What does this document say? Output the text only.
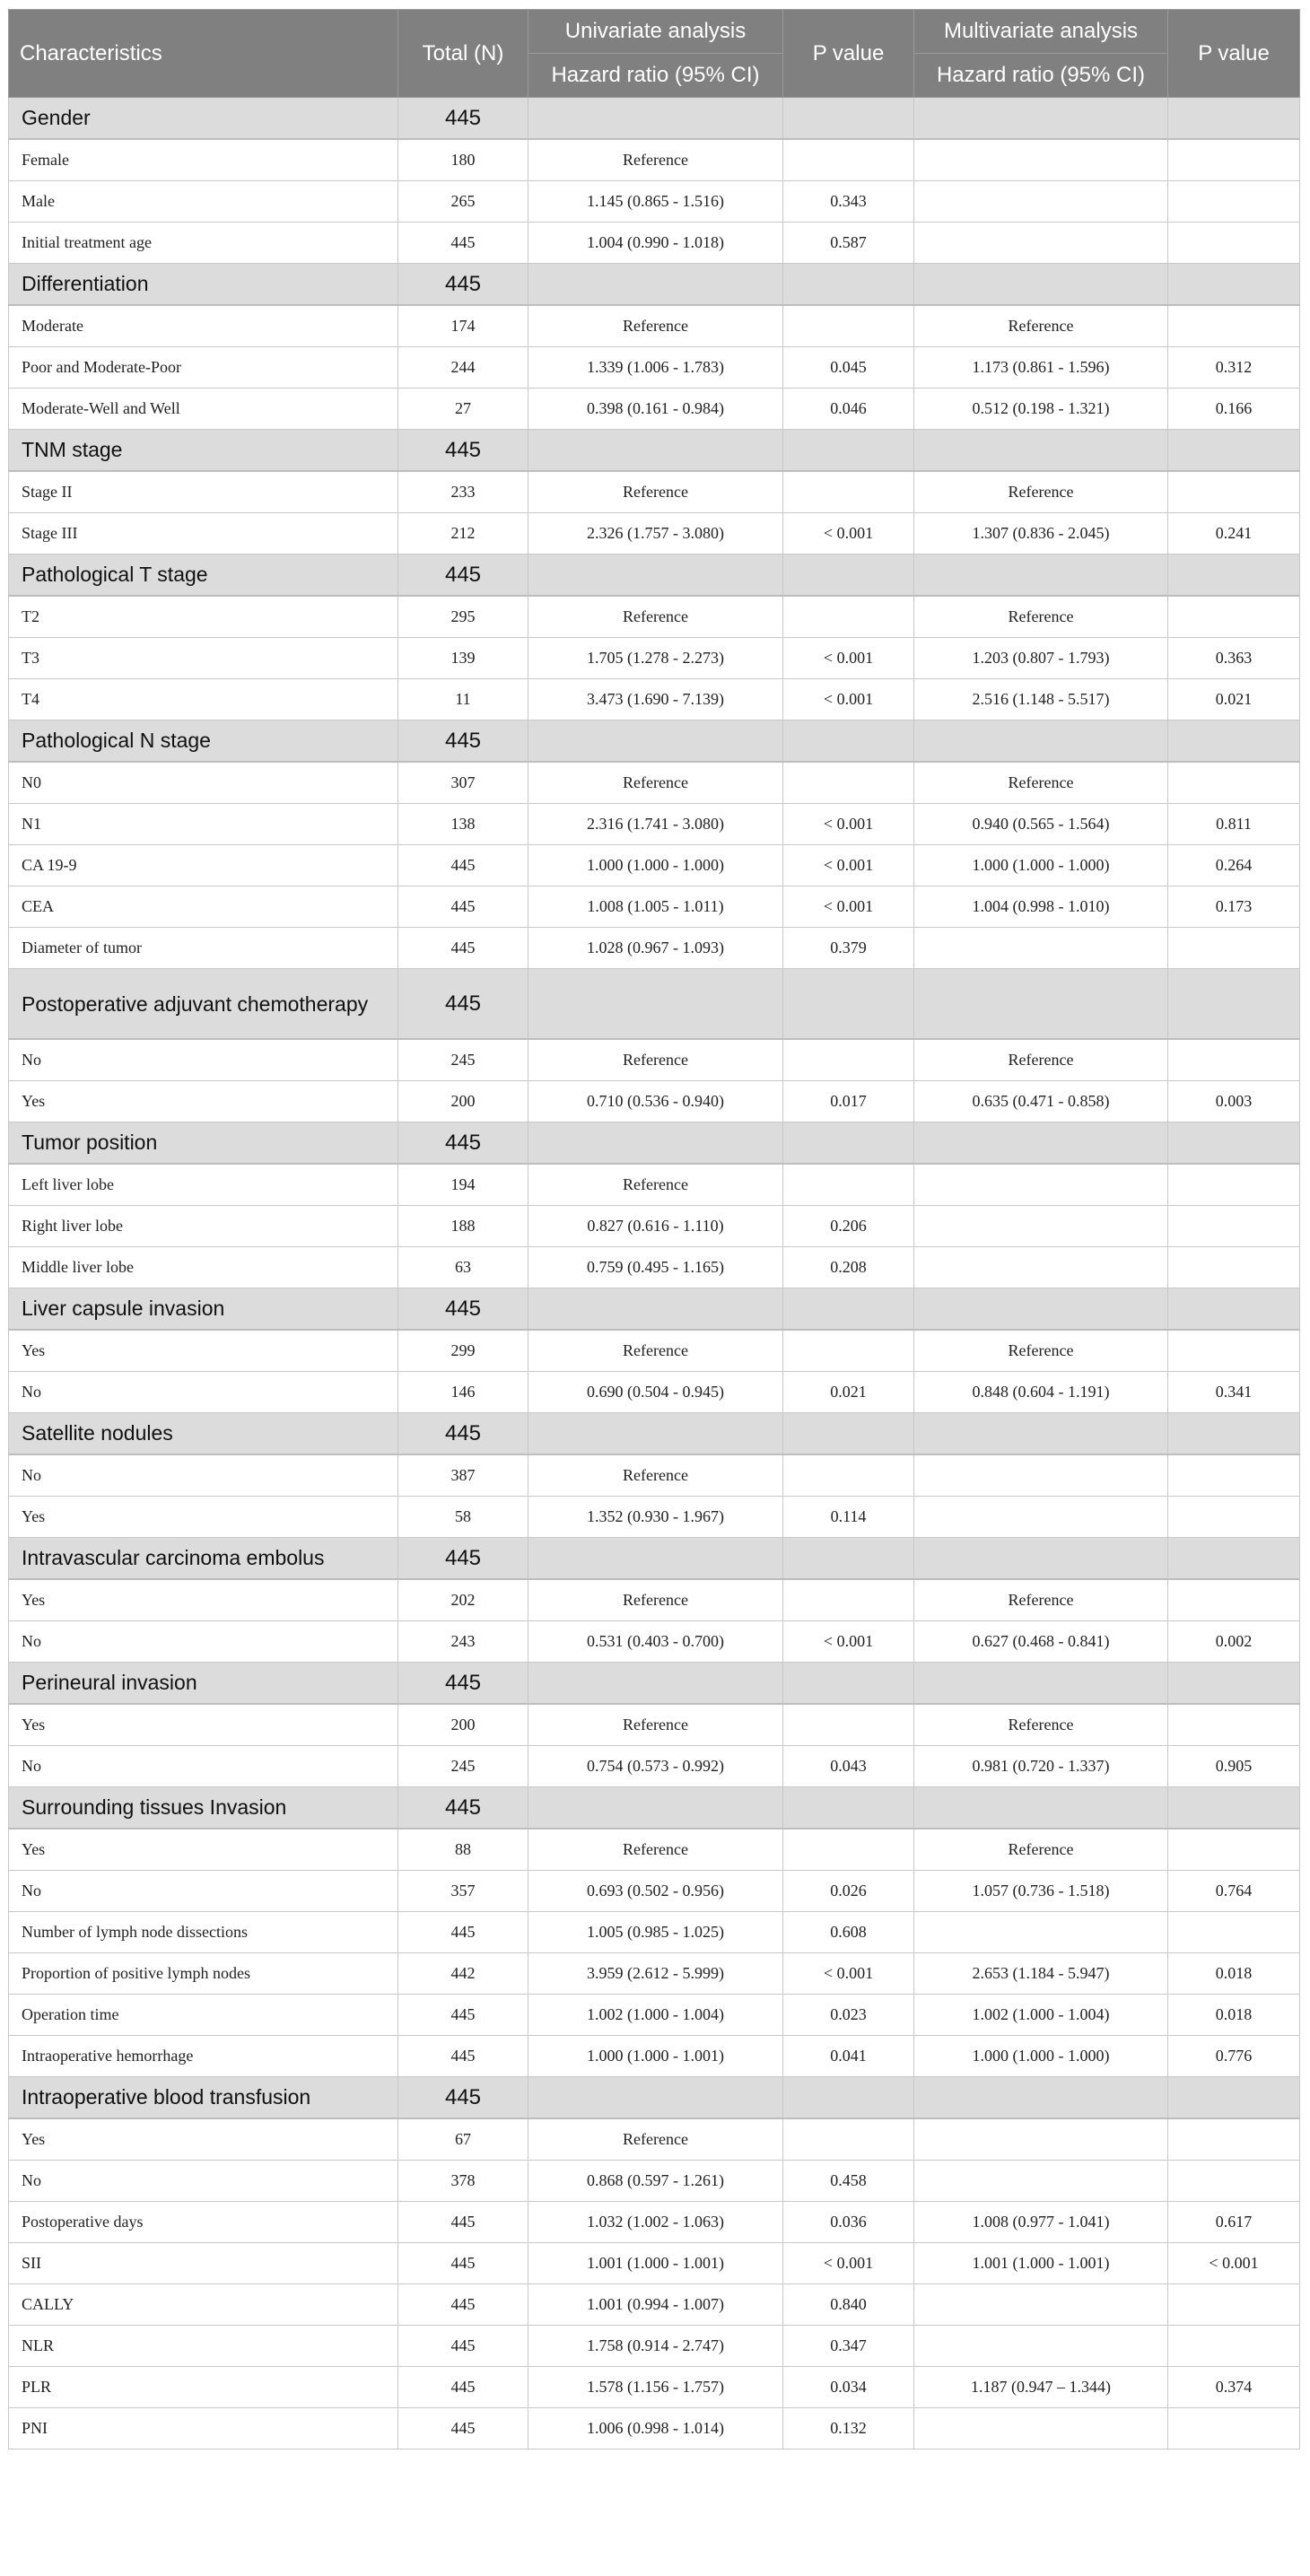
Characteristics	Total (N)	Univariate analysis	P value	Multivariate analysis	P value
		Hazard ratio (95% CI)		Hazard ratio (95% CI)	
Gender	445				
Female	180	Reference			
Male	265	1.145 (0.865 - 1.516)	0.343		
Initial treatment age	445	1.004 (0.990 - 1.018)	0.587		
Differentiation	445				
Moderate	174	Reference		Reference	
Poor and Moderate-Poor	244	1.339 (1.006 - 1.783)	0.045	1.173 (0.861 - 1.596)	0.312
Moderate-Well and Well	27	0.398 (0.161 - 0.984)	0.046	0.512 (0.198 - 1.321)	0.166
TNM stage	445				
Stage II	233	Reference		Reference	
Stage III	212	2.326 (1.757 - 3.080)	< 0.001	1.307 (0.836 - 2.045)	0.241
Pathological T stage	445				
T2	295	Reference		Reference	
T3	139	1.705 (1.278 - 2.273)	< 0.001	1.203 (0.807 - 1.793)	0.363
T4	11	3.473 (1.690 - 7.139)	< 0.001	2.516 (1.148 - 5.517)	0.021
Pathological N stage	445				
N0	307	Reference		Reference	
N1	138	2.316 (1.741 - 3.080)	< 0.001	0.940 (0.565 - 1.564)	0.811
CA 19-9	445	1.000 (1.000 - 1.000)	< 0.001	1.000 (1.000 - 1.000)	0.264
CEA	445	1.008 (1.005 - 1.011)	< 0.001	1.004 (0.998 - 1.010)	0.173
Diameter of tumor	445	1.028 (0.967 - 1.093)	0.379		
Postoperative adjuvant chemotherapy	445				
No	245	Reference		Reference	
Yes	200	0.710 (0.536 - 0.940)	0.017	0.635 (0.471 - 0.858)	0.003
Tumor position	445				
Left liver lobe	194	Reference			
Right liver lobe	188	0.827 (0.616 - 1.110)	0.206		
Middle liver lobe	63	0.759 (0.495 - 1.165)	0.208		
Liver capsule invasion	445				
Yes	299	Reference		Reference	
No	146	0.690 (0.504 - 0.945)	0.021	0.848 (0.604 - 1.191)	0.341
Satellite nodules	445				
No	387	Reference			
Yes	58	1.352 (0.930 - 1.967)	0.114		
Intravascular carcinoma embolus	445				
Yes	202	Reference		Reference	
No	243	0.531 (0.403 - 0.700)	< 0.001	0.627 (0.468 - 0.841)	0.002
Perineural invasion	445				
Yes	200	Reference		Reference	
No	245	0.754 (0.573 - 0.992)	0.043	0.981 (0.720 - 1.337)	0.905
Surrounding tissues Invasion	445				
Yes	88	Reference		Reference	
No	357	0.693 (0.502 - 0.956)	0.026	1.057 (0.736 - 1.518)	0.764
Number of lymph node dissections	445	1.005 (0.985 - 1.025)	0.608		
Proportion of positive lymph nodes	442	3.959 (2.612 - 5.999)	< 0.001	2.653 (1.184 - 5.947)	0.018
Operation time	445	1.002 (1.000 - 1.004)	0.023	1.002 (1.000 - 1.004)	0.018
Intraoperative hemorrhage	445	1.000 (1.000 - 1.001)	0.041	1.000 (1.000 - 1.000)	0.776
Intraoperative blood transfusion	445				
Yes	67	Reference			
No	378	0.868 (0.597 - 1.261)	0.458		
Postoperative days	445	1.032 (1.002 - 1.063)	0.036	1.008 (0.977 - 1.041)	0.617
SII	445	1.001 (1.000 - 1.001)	< 0.001	1.001 (1.000 - 1.001)	< 0.001
CALLY	445	1.001 (0.994 - 1.007)	0.840		
NLR	445	1.758 (0.914 - 2.747)	0.347		
PLR	445	1.578 (1.156 - 1.757)	0.034	1.187 (0.947 – 1.344)	0.374
PNI	445	1.006 (0.998 - 1.014)	0.132		
